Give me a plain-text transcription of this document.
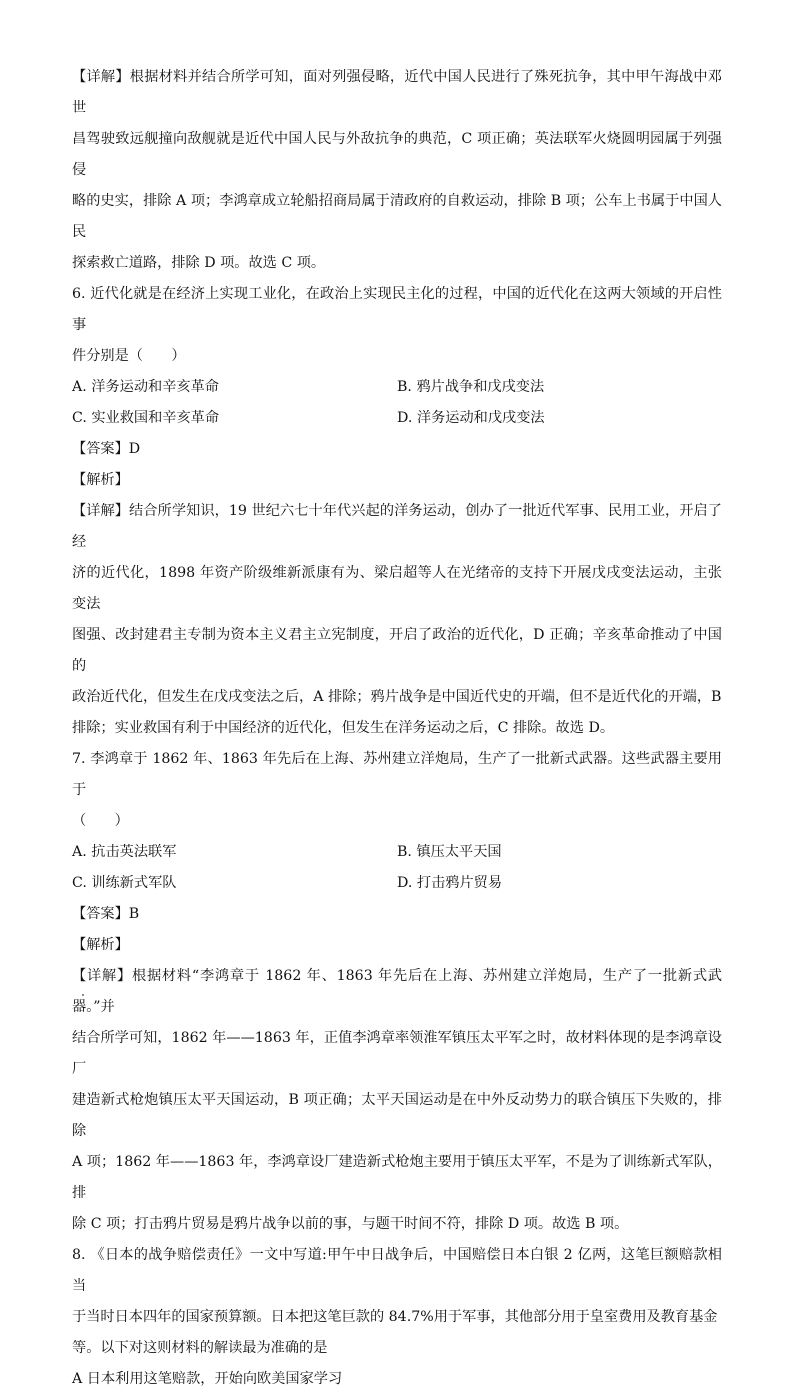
【详解】根据材料并结合所学可知，面对列强侵略，近代中国人民进行了殊死抗争，其中甲午海战中邓世

昌驾驶致远舰撞向敌舰就是近代中国人民与外敌抗争的典范，C 项正确；英法联军火烧圆明园属于列强侵

略的史实，排除 A 项；李鸿章成立轮船招商局属于清政府的自救运动，排除 B 项；公车上书属于中国人民

探索救亡道路，排除 D 项。故选 C 项。

6. 近代化就是在经济上实现工业化，在政治上实现民主化的过程，中国的近代化在这两大领域的开启性事

件分别是（　　）

A. 洋务运动和辛亥革命	B. 鸦片战争和戊戌变法
C. 实业救国和辛亥革命	D. 洋务运动和戊戌变法

【答案】D

【解析】

【详解】结合所学知识，19 世纪六七十年代兴起的洋务运动，创办了一批近代军事、民用工业，开启了经

济的近代化，1898 年资产阶级维新派康有为、梁启超等人在光绪帝的支持下开展戊戌变法运动，主张变法

图强、改封建君主专制为资本主义君主立宪制度，开启了政治的近代化，D 正确；辛亥革命推动了中国的

政治近代化，但发生在戊戌变法之后，A 排除；鸦片战争是中国近代史的开端，但不是近代化的开端，B

排除；实业救国有利于中国经济的近代化，但发生在洋务运动之后，C 排除。故选 D。

7. 李鸿章于 1862 年、1863 年先后在上海、苏州建立洋炮局，生产了一批新式武器。这些武器主要用于

（　　）

A. 抗击英法联军	B. 镇压太平天国
C. 训练新式军队	D. 打击鸦片贸易

【答案】B

【解析】

【详解】根据材料“李鸿章于 1862 年、1863 年先后在上海、苏州建立洋炮局，生产了一批新式武器。”并

结合所学可知，1862 年——1863 年，正值李鸿章率领淮军镇压太平军之时，故材料体现的是李鸿章设厂

建造新式枪炮镇压太平天国运动，B 项正确；太平天国运动是在中外反动势力的联合镇压下失败的，排除

A 项；1862 年——1863 年，李鸿章设厂建造新式枪炮主要用于镇压太平军，不是为了训练新式军队，排

除 C 项；打击鸦片贸易是鸦片战争以前的事，与题干时间不符，排除 D 项。故选 B 项。

8. 《日本的战争赔偿责任》一文中写道:甲午中日战争后，中国赔偿日本白银 2 亿两，这笔巨额赔款相当

于当时日本四年的国家预算额。日本把这笔巨款的 84.7%用于军事，其他部分用于皇室费用及教育基金

等。以下对这则材料的解读最为准确的是

A 日本利用这笔赔款，开始向欧美国家学习
